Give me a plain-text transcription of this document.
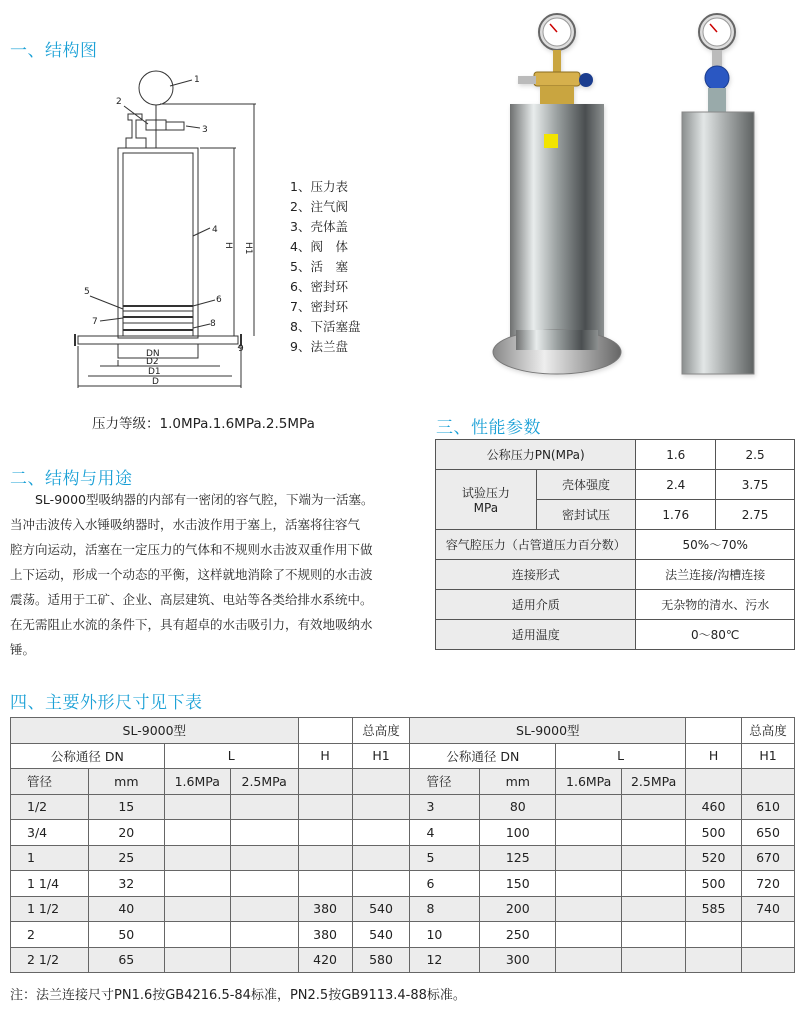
一、结构图
二、结构与用途
三、性能参数
四、主要外形尺寸见下表
1
2
3
4
5
6
7	8
9
H H1
DN
D2
D1
D
1、压力表
2、注气阀
3、壳体盖
4、阀　体
5、活　塞
6、密封环
7、密封环
8、下活塞盘
9、法兰盘
压力等级：1.0MPa.1.6MPa.2.5MPa

SL-9000型吸纳器的内部有一密闭的容气腔，下端为一活塞。

当冲击波传入水锤吸纳器时，水击波作用于塞上，活塞将往容气

腔方向运动，活塞在一定压力的气体和不规则水击波双重作用下做

上下运动，形成一个动态的平衡，这样就地消除了不规则的水击波

震荡。适用于工矿、企业、高层建筑、电站等各类给排水系统中。

在无需阻止水流的条件下，具有超卓的水击吸引力，有效地吸纳水

锤。

公称压力PN(MPa)		1.6	2.5
试验压力
MPa	壳体强度	2.4	3.75
	密封试压	1.76	2.75
容气腔压力（占管道压力百分数）		50%～70%	
连接形式		法兰连接/沟槽连接	
适用介质		无杂物的清水、污水	
适用温度		0～80℃	
SL-9000型					总高度	SL-9000型					总高度
公称通径 DN		L		H	H1	公称通径 DN		L		H	H1
管径	mm	1.6MPa	2.5MPa			管径	mm	1.6MPa	2.5MPa		
1/2	15					3	80			460	610
3/4	20					4	100			500	650
1	25					5	125			520	670
1 1/4	32					6	150			500	720
1 1/2	40			380	540	8	200			585	740
2	50			380	540	10	250				
2 1/2	65			420	580	12	300				
注：法兰连接尺寸PN1.6按GB4216.5-84标准，PN2.5按GB9113.4-88标准。
